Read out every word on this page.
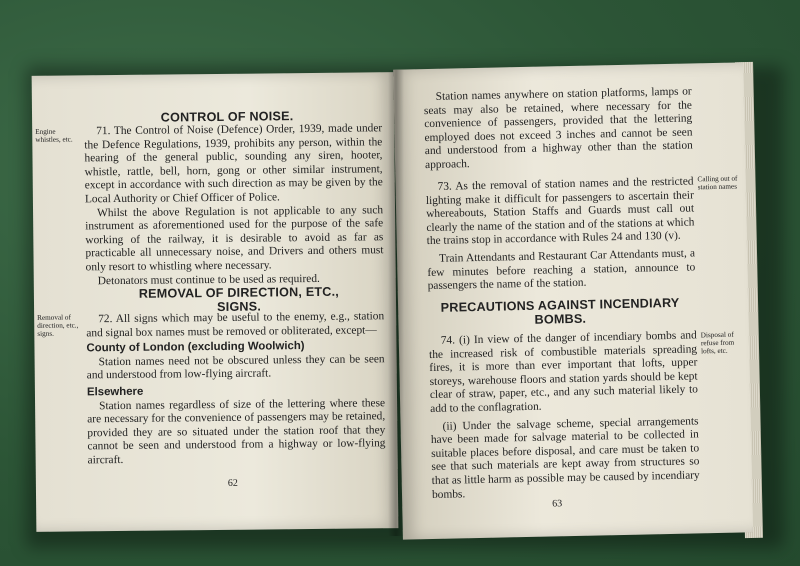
CONTROL OF NOISE.
Engine whistles, etc.
71. The Control of Noise (Defence) Order, 1939, made under the Defence Regulations, 1939, prohibits any person, within the hearing of the general public, sounding any siren, hooter, whistle, rattle, bell, horn, gong or other similar instrument, except in accordance with such direction as may be given by the Local Authority or Chief Officer of Police.
Whilst the above Regulation is not applicable to any such instrument as aforementioned used for the purpose of the safe working of the railway, it is desirable to avoid as far as practicable all unnecessary noise, and Drivers and others must only resort to whistling where necessary.
Detonators must continue to be used as required.
REMOVAL OF DIRECTION, ETC.,
SIGNS.
Removal of direction, etc., signs.
72. All signs which may be useful to the enemy, e.g., station and signal box names must be removed or obliterated, except—
County of London (excluding Woolwich)
Station names need not be obscured unless they can be seen and understood from low-flying aircraft.
Elsewhere
Station names regardless of size of the lettering where these are necessary for the convenience of passengers may be retained, provided they are so situated under the station roof that they cannot be seen and understood from a highway or low-flying aircraft.
62
Station names anywhere on station platforms, lamps or seats may also be retained, where necessary for the convenience of passengers, provided that the lettering employed does not exceed 3 inches and cannot be seen and understood from a highway other than the station approach.
73. As the removal of station names and the restricted lighting make it difficult for passengers to ascertain their whereabouts, Station Staffs and Guards must call out clearly the name of the station and of the stations at which the trains stop in accordance with Rules 24 and 130 (v).
Train Attendants and Restaurant Car Attendants must, a few minutes before reaching a station, announce to passengers the name of the station.
Calling out of station names
PRECAUTIONS AGAINST INCENDIARY
BOMBS.
Disposal of refuse from lofts, etc.
74. (i) In view of the danger of incendiary bombs and the increased risk of combustible materials spreading fires, it is more than ever important that lofts, upper storeys, warehouse floors and station yards should be kept clear of straw, paper, etc., and any such material likely to add to the conflagration.
(ii) Under the salvage scheme, special arrangements have been made for salvage material to be collected in suitable places before disposal, and care must be taken to see that such materials are kept away from structures so that as little harm as possible may be caused by incendiary bombs.
63
